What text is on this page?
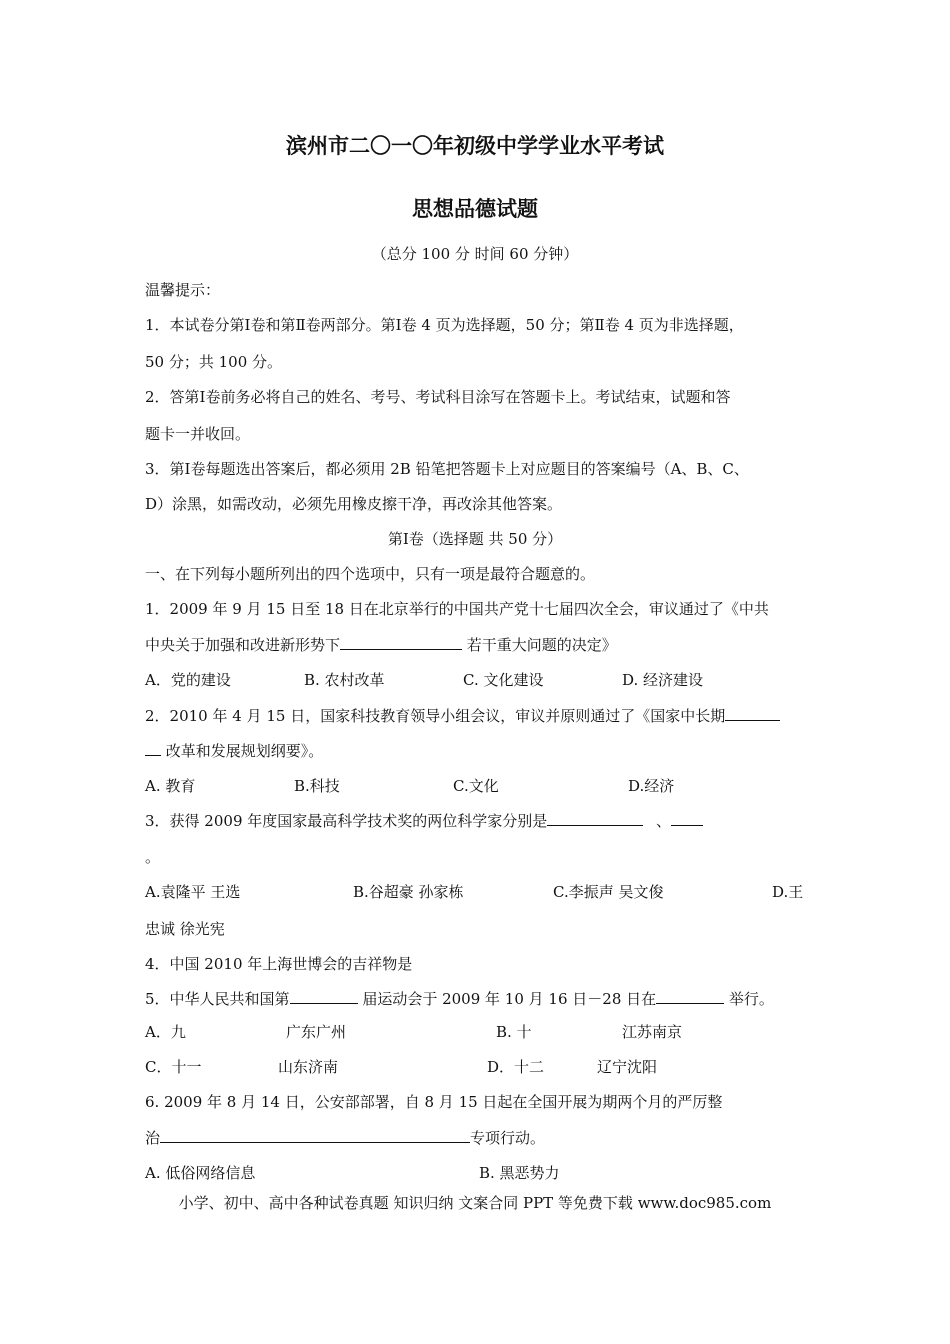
滨州市二〇一〇年初级中学学业水平考试
思想品德试题
（总分 100 分 时间 60 分钟）
温馨提示：
1．本试卷分第Ⅰ卷和第Ⅱ卷两部分。第Ⅰ卷 4 页为选择题，50 分；第Ⅱ卷 4 页为非选择题，
50 分；共 100 分。
2．答第Ⅰ卷前务必将自己的姓名、考号、考试科目涂写在答题卡上。考试结束，试题和答
题卡一并收回。
3．第Ⅰ卷每题选出答案后，都必须用 2B 铅笔把答题卡上对应题目的答案编号（A、B、C、
D）涂黑，如需改动，必须先用橡皮擦干净，再改涂其他答案。
第Ⅰ卷（选择题 共 50 分）
一、在下列每小题所列出的四个选项中，只有一项是最符合题意的。
1．2009 年 9 月 15 日至 18 日在北京举行的中国共产党十七届四次全会，审议通过了《中共
中央关于加强和改进新形势下	若干重大问题的决定》
A．党的建设	B. 农村改革	C. 文化建设	D. 经济建设
2．2010 年 4 月 15 日，国家科技教育领导小组会议，审议并原则通过了《国家中长期
改革和发展规划纲要》。
A. 教育	B.科技	C.文化	D.经济
3．获得 2009 年度国家最高科学技术奖的两位科学家分别是	、
。
A.袁隆平 王选	B.谷超豪 孙家栋	C.李振声 吴文俊	D.王
忠诚 徐光宪
4．中国 2010 年上海世博会的吉祥物是
5．中华人民共和国第	届运动会于 2009 年 10 月 16 日－28 日在	举行。
A．九	广东广州	B. 十	江苏南京
C．十一	山东济南	D．十二	辽宁沈阳
6. 2009 年 8 月 14 日，公安部部署，自 8 月 15 日起在全国开展为期两个月的严厉整
治	专项行动。
A. 低俗网络信息	B. 黑恶势力
小学、初中、高中各种试卷真题 知识归纳 文案合同 PPT 等免费下载 www.doc985.com
